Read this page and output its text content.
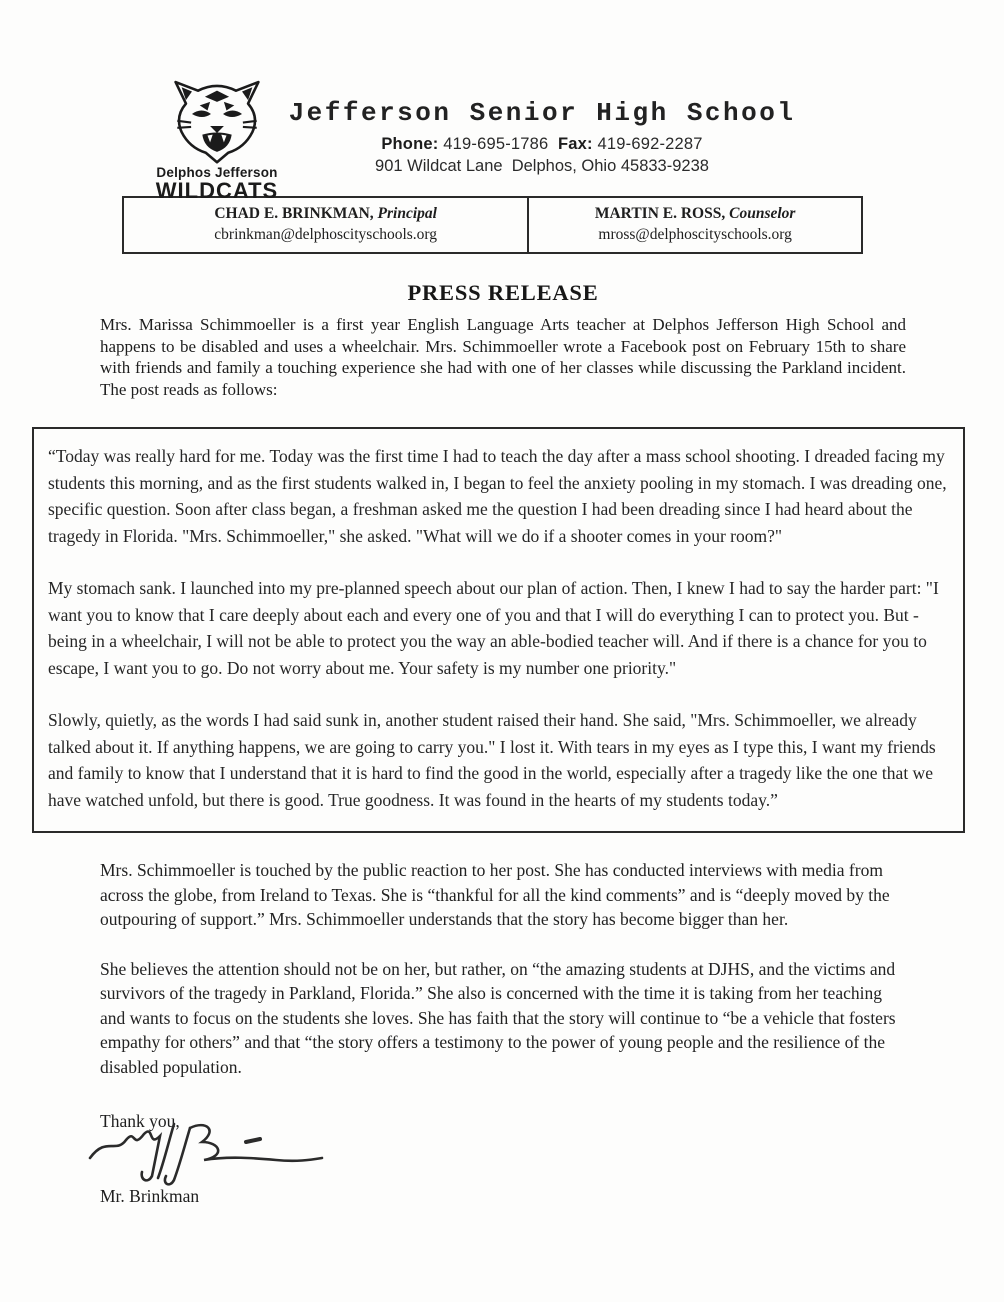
Delphos Jefferson
WILDCATS
Jefferson Senior High School
Phone: 419-695-1786 Fax: 419-692-2287
901 Wildcat Lane  Delphos, Ohio 45833-9238
CHAD E. BRINKMAN, Principal
cbrinkman@delphoscityschools.org
MARTIN E. ROSS, Counselor
mross@delphoscityschools.org
PRESS RELEASE

Mrs. Marissa Schimmoeller is a first year English Language Arts teacher at Delphos Jefferson High School and happens to be disabled and uses a wheelchair. Mrs. Schimmoeller wrote a Facebook post on February 15th to share with friends and family a touching experience she had with one of her classes while discussing the Parkland incident. The post reads as follows:

“Today was really hard for me. Today was the first time I had to teach the day after a mass school shooting. I dreaded facing my students this morning, and as the first students walked in, I began to feel the anxiety pooling in my stomach. I was dreading one, specific question. Soon after class began, a freshman asked me the question I had been dreading since I had heard about the tragedy in Florida. "Mrs. Schimmoeller," she asked. "What will we do if a shooter comes in your room?"

My stomach sank. I launched into my pre-planned speech about our plan of action. Then, I knew I had to say the harder part: "I want you to know that I care deeply about each and every one of you and that I will do everything I can to protect you. But - being in a wheelchair, I will not be able to protect you the way an able-bodied teacher will. And if there is a chance for you to escape, I want you to go. Do not worry about me. Your safety is my number one priority."

Slowly, quietly, as the words I had said sunk in, another student raised their hand. She said, "Mrs. Schimmoeller, we already talked about it. If anything happens, we are going to carry you." I lost it. With tears in my eyes as I type this, I want my friends and family to know that I understand that it is hard to find the good in the world, especially after a tragedy like the one that we have watched unfold, but there is good. True goodness. It was found in the hearts of my students today.”

Mrs. Schimmoeller is touched by the public reaction to her post. She has conducted interviews with media from across the globe, from Ireland to Texas. She is “thankful for all the kind comments” and is “deeply moved by the outpouring of support.” Mrs. Schimmoeller understands that the story has become bigger than her.

She believes the attention should not be on her, but rather, on “the amazing students at DJHS, and the victims and survivors of the tragedy in Parkland, Florida.” She also is concerned with the time it is taking from her teaching and wants to focus on the students she loves. She has faith that the story will continue to “be a vehicle that fosters empathy for others” and that “the story offers a testimony to the power of young people and the resilience of the disabled population.

Thank you,
Mr. Brinkman
